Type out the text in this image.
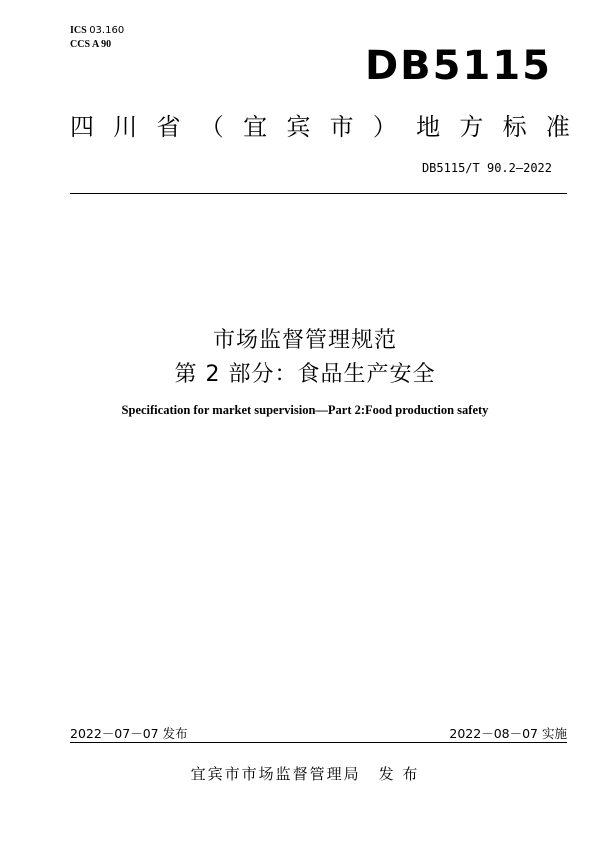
ICS 03.160
CCS A 90	DB5115
四 川 省 （ 宜 宾 市 ） 地 方 标 准
DB5115/T 90.2—2022
市场监督管理规范
第 2 部分：食品生产安全
Specification for market supervision—Part 2:Food production safety
2022－07－07 发布	2022－08－07 实施
宜宾市市场监督管理局 发 布
